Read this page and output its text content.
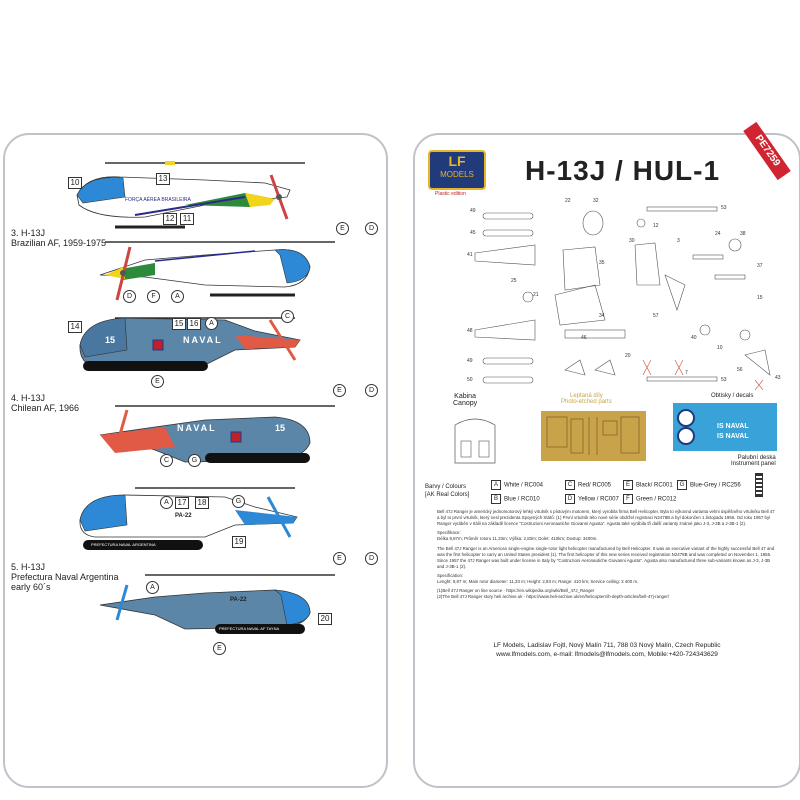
10	13
12	11
14	15 16
17	18
19
20
E	D
D	F	A
A
C
E
E	D
C	G
A	G
E	D
A
E
FORÇA AÉREA BRASILEIRA
NAVAL
15
NAVAL	15
PA-22
PA-22
PREFECTURA NAVAL ARGENTINA
PREFECTURA NAVAL AF TAYNA
3. H-13J
Brazilian AF, 1959-1975
4. H-13J
Chilean AF, 1966
5. H-13J
Prefectura Naval Argentina
early 60´s
LF
MODELS
Plastic edition
H-13J / HUL-1
PE7259
49
22	32
53
45
41
25
21
48
49
50
35
34
46
12
30	3
24	38
37
15
57
40
10
56
43
53
20
7
Kabina
Canopy
Leptaná díly
Photo-etched parts
Obtisky / decals
IS NAVAL
IS NAVAL
Palubní deska
Instrument panel
Barvy / Colours
[AK Real Colors]
A White / RC004	C Red/ RC005	E Black/ RC001	G Blue-Grey / RC256
B Blue / RC010	D Yellow / RC007	F Green / RC012
Bell 47J Ranger je americký jednomotorový lehký vrtulník s pístovým motorem, který vyrobila firma Bell Helicopter. Byla to výkonná varianta velmi úspěšného vrtulníku Bell 47 a byl to první vrtulník, který nesl prezidenta Spojených Států. (1) První vrtulník této nové série obdržel registraci N2478B a byl dokončen 1.listopadu 1955. Od roku 1957 byl Ranger vyráběn v Itálii na základě licence "Costruzioni Aeronautiche Giovanni Agusta". Agusta také vyrábila tři další varianty známé jako J-3, J-3B a J-3B-1 (2).
Specifikace:
Délka 9,87m; Průměr rotoru 11,33m; Výška: 2,83m; Dolet: 410km; Dostup: 3400m.
The Bell 47J Ranger is an American single-engine single-rotor light helicopter manufactured by Bell Helicopter. It was an executive variant of the highly successful Bell 47 and was the first helicopter to carry an United States president (1). The first helicopter of this new series received registration N2478B and was completed on November 1, 1955. Since 1957 the 47J Ranger was built under license in Italy by "Costruzioni Aeronautiche Giovanni Agusta". Agusta also manufactured three sub-variants known as J-3, J-3B and J-3B-1 (2).
Specification:
Lenght: 9,87 m; Main rotor diameter: 11,33 m; Height: 2,83 m; Range: 410 km; Service ceiling: 3 400 m.
(1)Bell 47J Ranger on line source - https://en.wikipedia.org/wiki/Bell_47J_Ranger
(2)The Bell 47J Ranger story heli archive.uk - https://www.heli-archive.uk/en/helicopters/h-depth-articles/bell-47j-ranger/
LF Models, Ladislav Fojtl, Nový Malín 711, 788 03 Nový Malín, Czech Republic
www.lfmodels.com, e-mail: lfmodels@lfmodels.com, Mobile:+420-724343629
